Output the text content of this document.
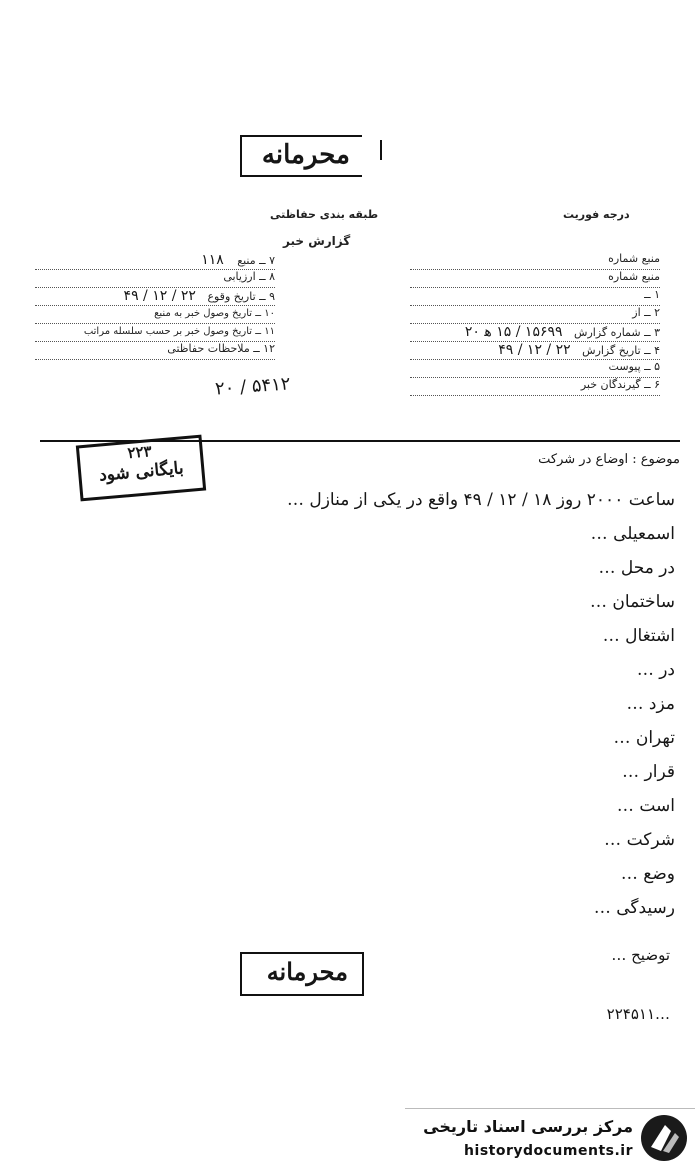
محرمانه
طبقه بندی حفاظتی	درجه فوریت
گزارش خبر
منبع شماره
منبع شماره
۱ ــ
۲ ــ از
۳ ــ شماره گزارش ۱۵۶۹۹ / ۱۵ ه‍ ۲۰
۴ ــ تاریخ گزارش ۲۲ / ۱۲ / ۴۹
۵ ــ پیوست
۶ ــ گیرندگان خبر
۷ ــ منبع ۱۱۸
۸ ــ ارزیابی
۹ ــ تاریخ وقوع ۲۲ / ۱۲ / ۴۹
۱۰ ــ تاریخ وصول خبر به منبع
۱۱ ــ تاریخ وصول خبر بر حسب سلسله مراتب
۱۲ ــ ملاحظات حفاظتی
۵۴۱۲ / ۲۰
۲۲۳
بایگانی شود	موضوع : اوضاع در شرکت
ساعت ۲۰۰۰ روز ۱۸ / ۱۲ / ۴۹ واقع در یکی از منازل …
اسمعیلی …
در محل …
ساختمان …
اشتغال …
در …
مزد …
تهران …
قرار …
است …
شرکت …
وضع …
رسیدگی …
توضیح …
محرمانه
…۲۲۴۵۱۱
مرکز بررسی اسناد تاریخی
historydocuments.ir
